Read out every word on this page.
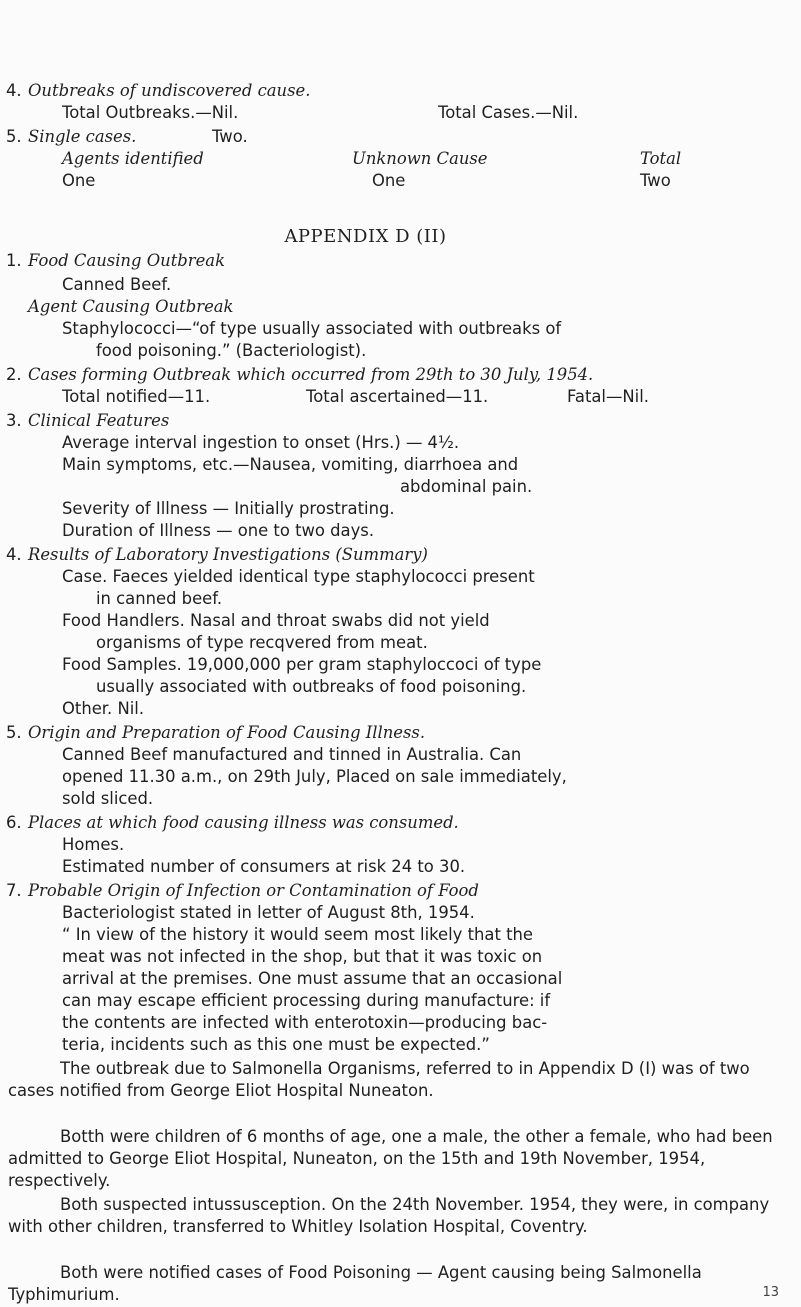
4. Outbreaks of undiscovered cause.
Total Outbreaks.—Nil.	Total Cases.—Nil.
5. Single cases.	Two.
Agents identified	Unknown Cause	Total
One	One	Two
APPENDIX D (II)
1. Food Causing Outbreak
Canned Beef.
Agent Causing Outbreak
Staphylococci—“of type usually associated with outbreaks of
food poisoning.” (Bacteriologist).
2. Cases forming Outbreak which occurred from 29th to 30 July, 1954.
Total notified—11.	Total ascertained—11.	Fatal—Nil.
3. Clinical Features
Average interval ingestion to onset (Hrs.) — 4½.
Main symptoms, etc.—Nausea, vomiting, diarrhoea and
abdominal pain.
Severity of Illness — Initially prostrating.
Duration of Illness — one to two days.
4. Results of Laboratory Investigations (Summary)
Case. Faeces yielded identical type staphylococci present
in canned beef.
Food Handlers. Nasal and throat swabs did not yield
organisms of type recqvered from meat.
Food Samples. 19,000,000 per gram staphyloccoci of type
usually associated with outbreaks of food poisoning.
Other. Nil.
5. Origin and Preparation of Food Causing Illness.
Canned Beef manufactured and tinned in Australia. Can
opened 11.30 a.m., on 29th July, Placed on sale immediately,
sold sliced.
6. Places at which food causing illness was consumed.
Homes.
Estimated number of consumers at risk 24 to 30.
7. Probable Origin of Infection or Contamination of Food
Bacteriologist stated in letter of August 8th, 1954.
“ In view of the history it would seem most likely that the
meat was not infected in the shop, but that it was toxic on
arrival at the premises. One must assume that an occasional
can may escape efficient processing during manufacture: if
the contents are infected with enterotoxin—producing bac-
teria, incidents such as this one must be expected.”

The outbreak due to Salmonella Organisms, referred to in Appendix D (I) was of two cases notified from George Eliot Hospital Nuneaton.

Botth were children of 6 months of age, one a male, the other a female, who had been admitted to George Eliot Hospital, Nuneaton, on the 15th and 19th November, 1954, respectively.

Both suspected intussusception. On the 24th November. 1954, they were, in company with other children, transferred to Whitley Isolation Hospital, Coventry.

Both were notified cases of Food Poisoning — Agent causing being Salmonella Typhimurium.	13
